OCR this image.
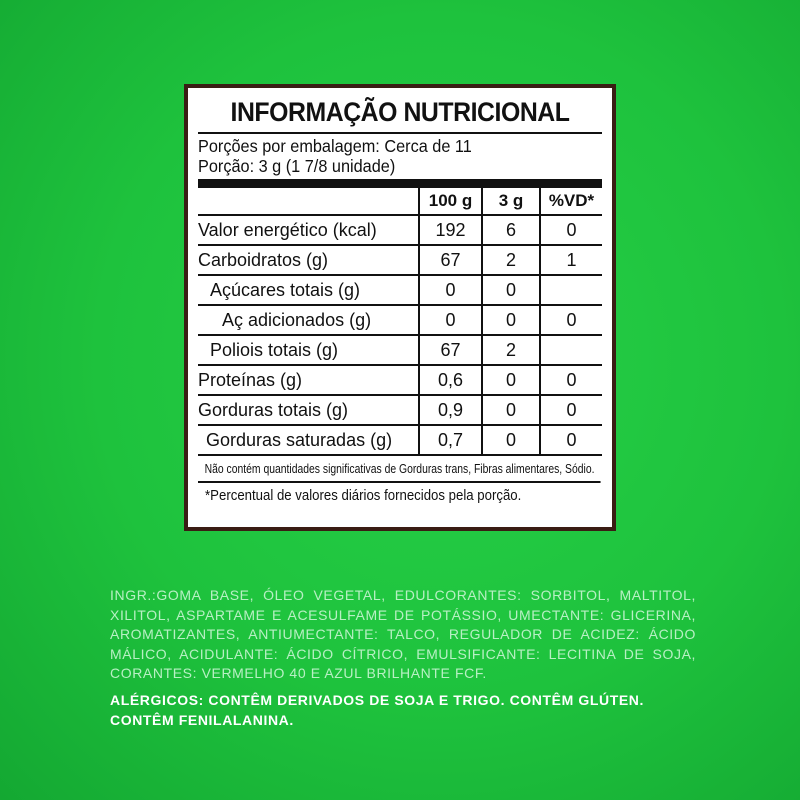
INFORMAÇÃO NUTRICIONAL
Porções por embalagem: Cerca de 11
Porção: 3 g (1 7/8 unidade)
	100 g	3 g	%VD*
Valor energético (kcal)	192	6	0
Carboidratos (g)	67	2	1
Açúcares totais (g)	0	0	
Aç adicionados (g)	0	0	0
Poliois totais (g)	67	2	
Proteínas (g)	0,6	0	0
Gorduras totais (g)	0,9	0	0
Gorduras saturadas (g)	0,7	0	0
Não contém quantidades significativas de Gorduras trans, Fibras alimentares, Sódio.
*Percentual de valores diários fornecidos pela porção.
INGR.:GOMA BASE, ÓLEO VEGETAL, EDULCORANTES: SORBITOL, MALTITOL, XILITOL, ASPARTAME E ACESULFAME DE POTÁSSIO, UMECTANTE: GLICERINA, AROMATIZANTES, ANTIUMECTANTE: TALCO, REGULADOR DE ACIDEZ: ÁCIDO MÁLICO, ACIDULANTE: ÁCIDO CÍTRICO, EMULSIFICANTE: LECITINA DE SOJA, CORANTES: VERMELHO 40 E AZUL BRILHANTE FCF.
ALÉRGICOS: CONTÊM DERIVADOS DE SOJA E TRIGO. CONTÊM GLÚTEN. CONTÊM FENILALANINA.
